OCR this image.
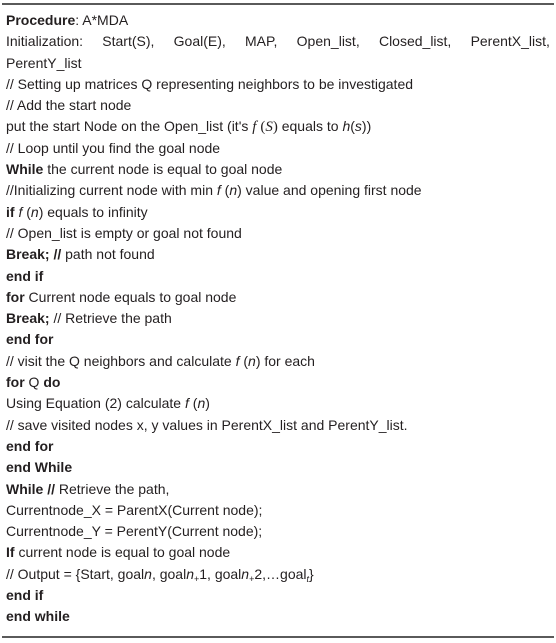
Procedure: A*MDA
Initialization: Start(S), Goal(E), MAP, Open_list, Closed_list, PerentX_list,
PerentY_list
// Setting up matrices Q representing neighbors to be investigated
// Add the start node
put the start Node on the Open_list (it's f (S) equals to h(s))
// Loop until you find the goal node
While the current node is equal to goal node
//Initializing current node with min f (n) value and opening first node
if f (n) equals to infinity
// Open_list is empty or goal not found
Break; // path not found
end if
for Current node equals to goal node
Break; // Retrieve the path
end for
// visit the Q neighbors and calculate f (n) for each
for Q do
Using Equation (2) calculate f (n)
// save visited nodes x, y values in PerentX_list and PerentY_list.
end for
end While
While // Retrieve the path,
Currentnode_X = ParentX(Current node);
Currentnode_Y = PerentY(Current node);
If current node is equal to goal node
// Output = {Start, goaln, goaln$_+$1, goaln$_+$2,…goal$_t$}
end if
end while
